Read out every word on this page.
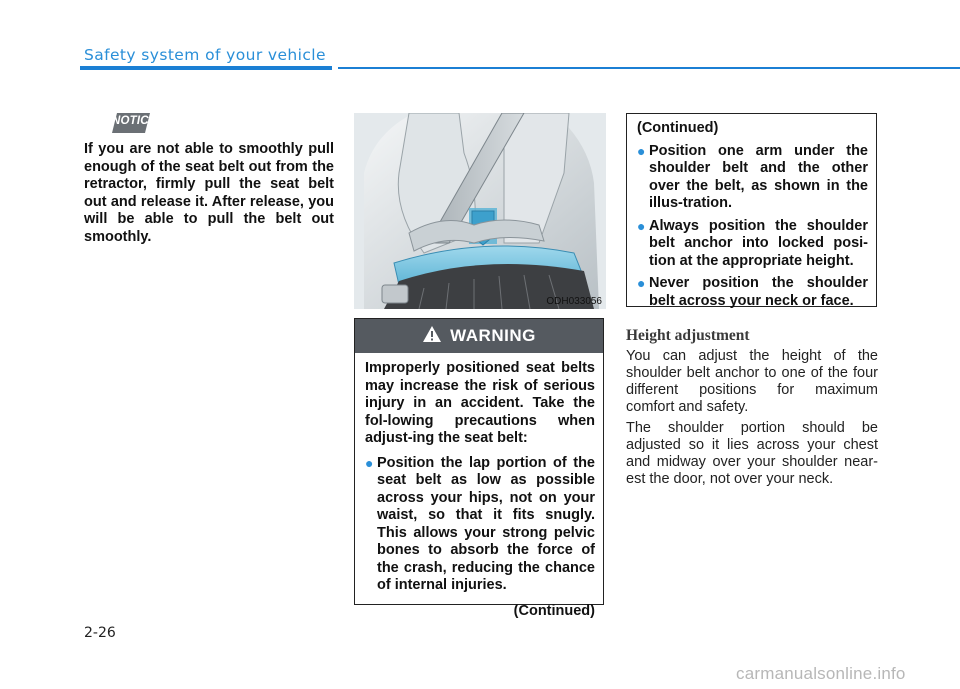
Safety system of your vehicle
NOTICE

If you are not able to smoothly pull enough of the seat belt out from the retractor, firmly pull the seat belt out and release it. After release, you will be able to pull the belt out smoothly.

ODH033056
WARNING

Improperly positioned seat belts may increase the risk of serious injury in an accident. Take the fol-lowing precautions when adjust-ing the seat belt:

● Position the lap portion of the seat belt as low as possible across your hips, not on your waist, so that it fits snugly. This allows your strong pelvic bones to absorb the force of the crash, reducing the chance of internal injuries.
(Continued)
(Continued)
● Position one arm under the shoulder belt and the other over the belt, as shown in the illus-tration.
● Always position the shoulder belt anchor into locked posi-tion at the appropriate height.
● Never position the shoulder belt across your neck or face.
Height adjustment

You can adjust the height of the shoulder belt anchor to one of the four different positions for maximum comfort and safety.

The shoulder portion should be adjusted so it lies across your chest and midway over your shoulder near-est the door, not over your neck.

2-26
carmanualsonline.info
